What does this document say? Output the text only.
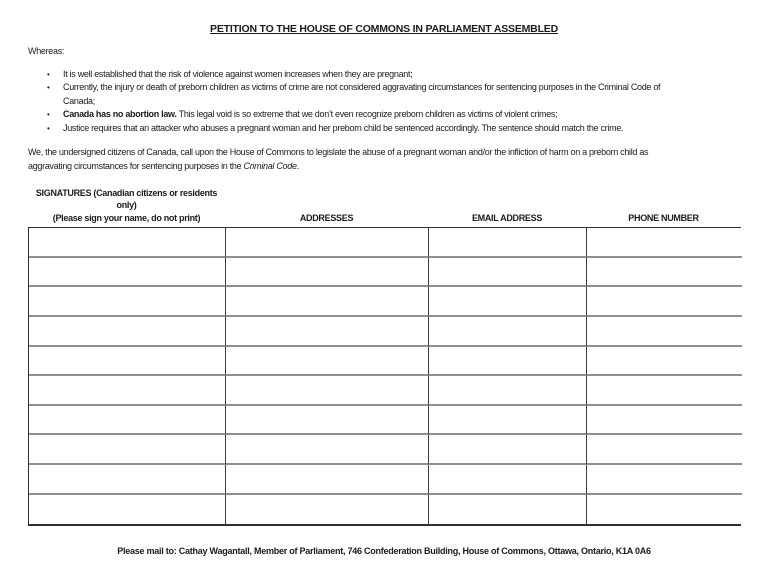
PETITION TO THE HOUSE OF COMMONS IN PARLIAMENT ASSEMBLED
Whereas:
•	It is well established that the risk of violence against women increases when they are pregnant;
•	Currently, the injury or death of preborn children as victims of crime are not considered aggravating circumstances for sentencing purposes in the Criminal Code of
Canada;
•	Canada has no abortion law. This legal void is so extreme that we don’t even recognize preborn children as victims of violent crimes;
•	Justice requires that an attacker who abuses a pregnant woman and her preborn child be sentenced accordingly. The sentence should match the crime.
We, the undersigned citizens of Canada, call upon the House of Commons to legislate the abuse of a pregnant woman and/or the infliction of harm on a preborn child as
aggravating circumstances for sentencing purposes in the Criminal Code.
SIGNATURES (Canadian citizens or residents
only)
(Please sign your name, do not print)	ADDRESSES	EMAIL ADDRESS	PHONE NUMBER
Please mail to: Cathay Wagantall, Member of Parliament, 746 Confederation Building, House of Commons, Ottawa, Ontario, K1A 0A6
